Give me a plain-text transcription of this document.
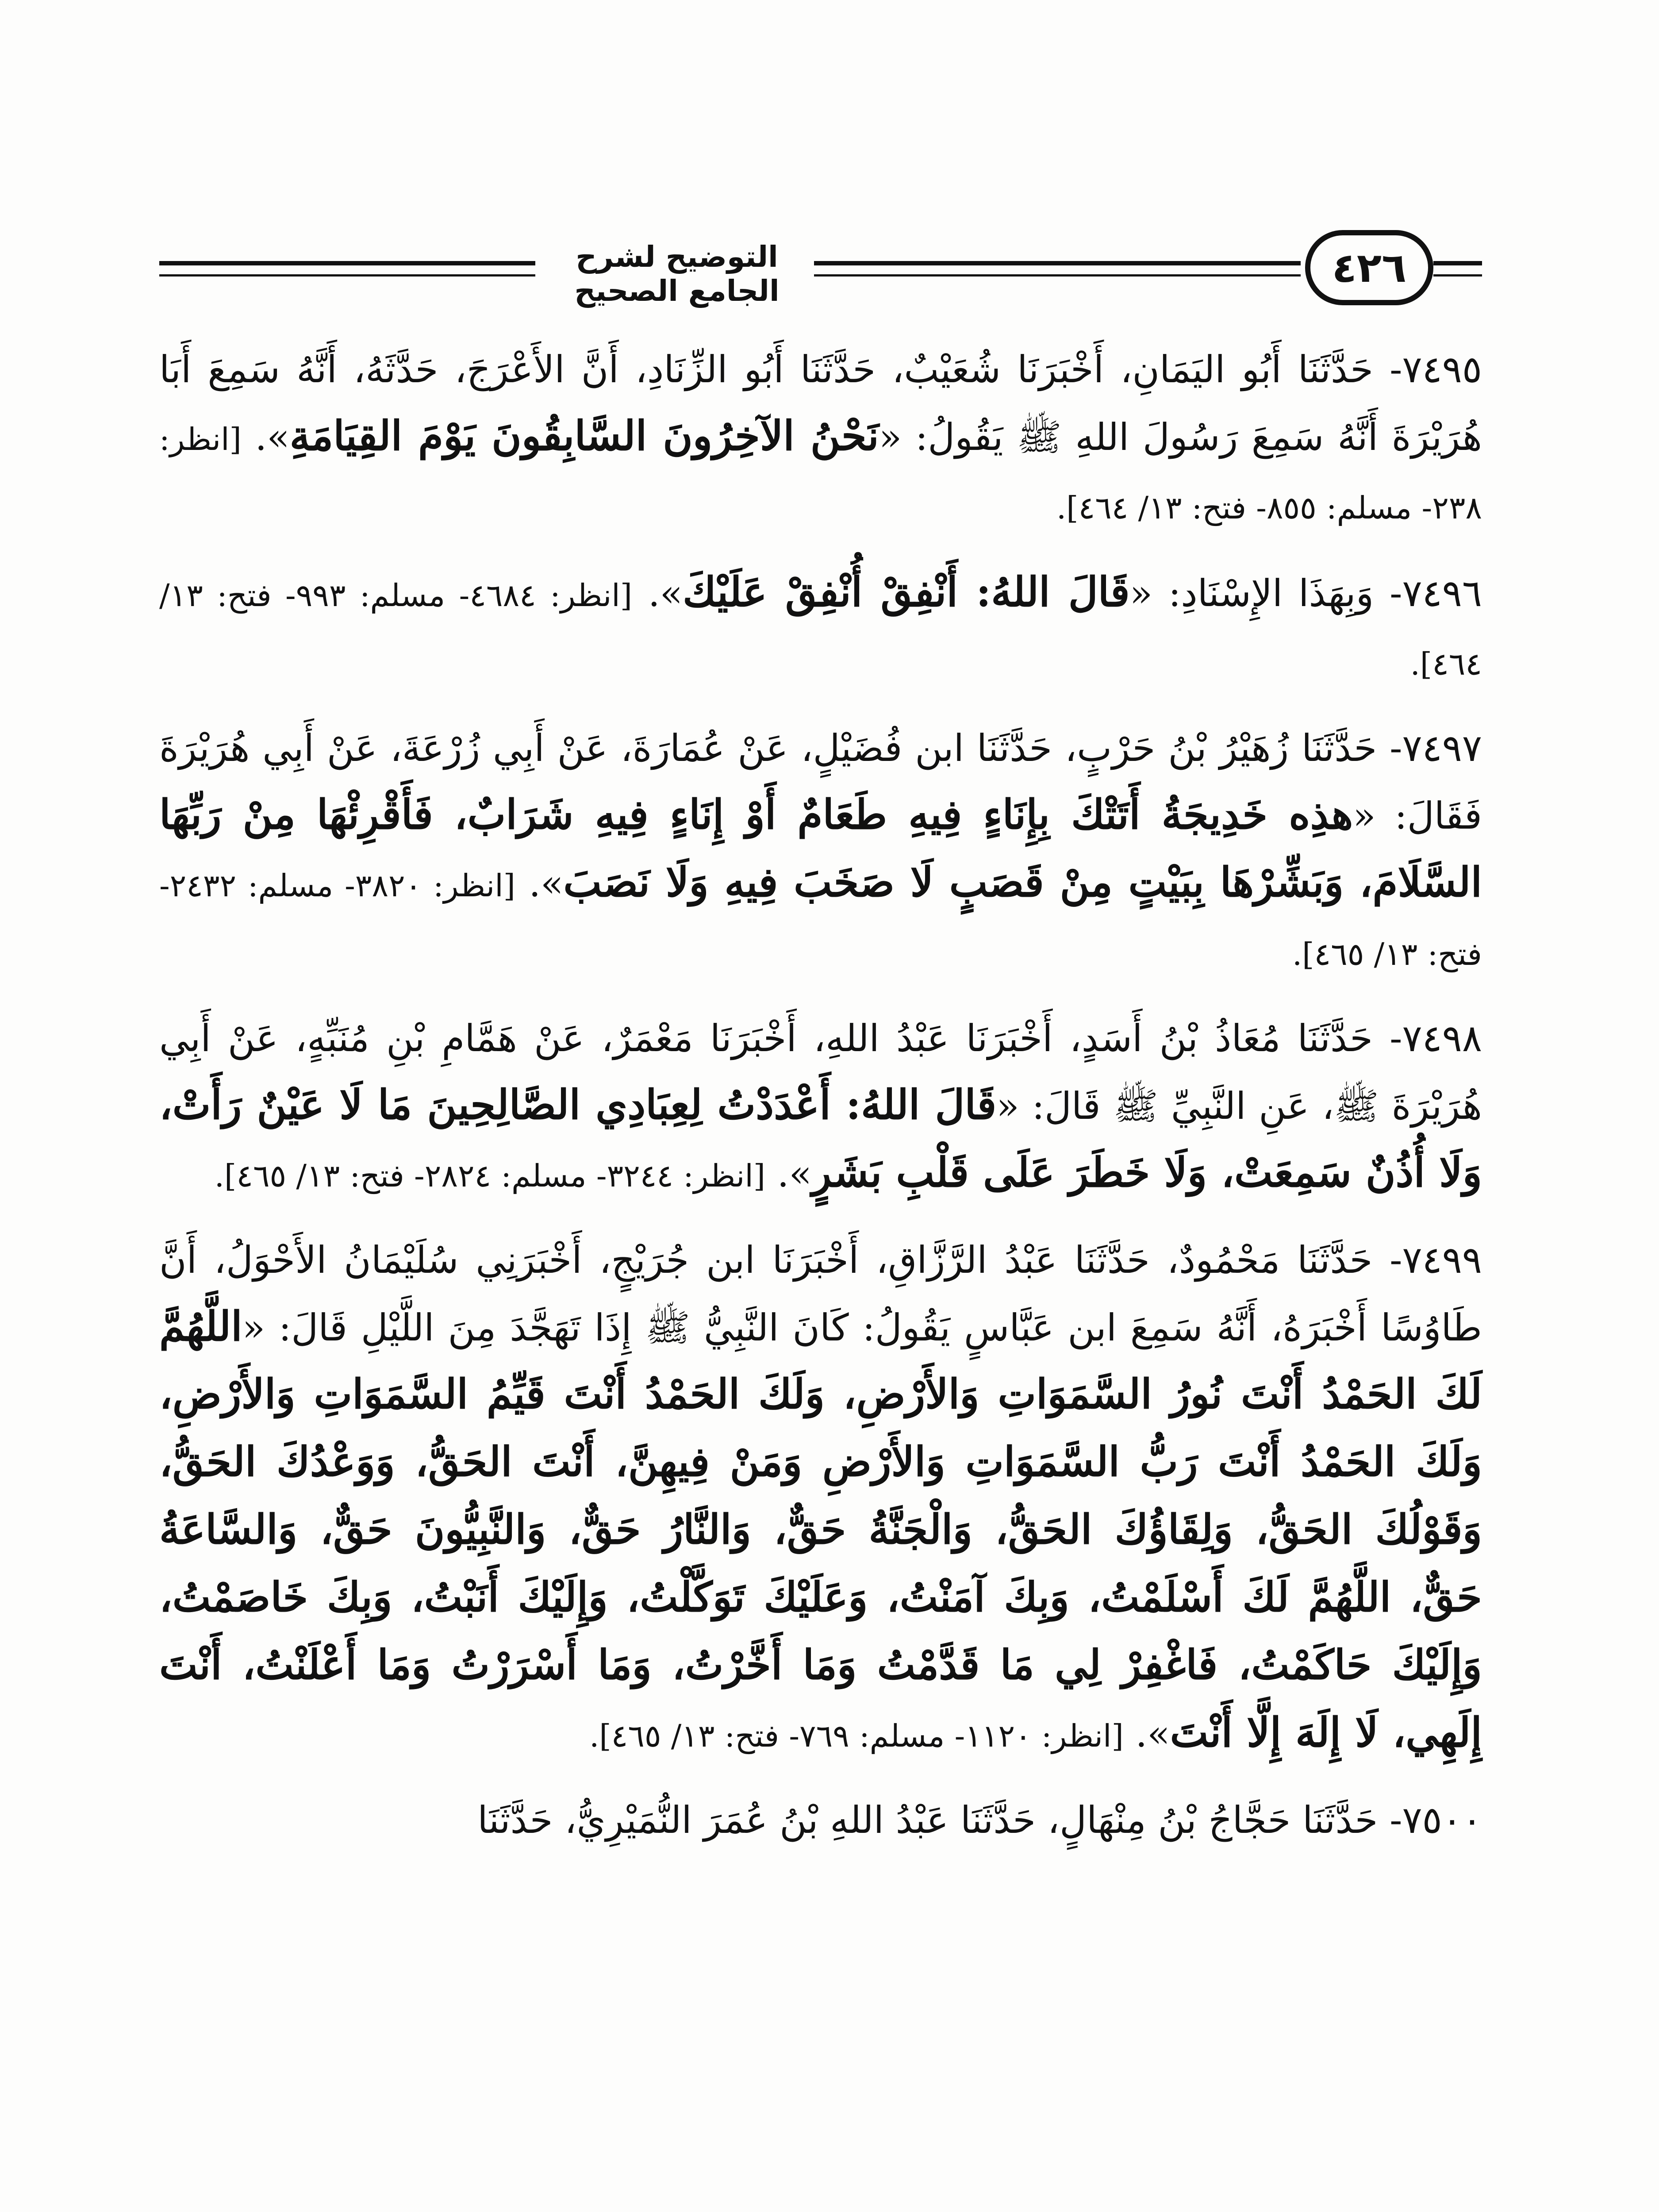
التوضيح لشرح الجامع الصحيح	٤٢٦

٧٤٩٥- حَدَّثَنَا أَبُو اليَمَانِ، أَخْبَرَنَا شُعَيْبٌ، حَدَّثَنَا أَبُو الزِّنَادِ، أَنَّ الأَعْرَجَ، حَدَّثَهُ، أَنَّهُ سَمِعَ أَبَا هُرَيْرَةَ أَنَّهُ سَمِعَ رَسُولَ اللهِ ﷺ يَقُولُ: «نَحْنُ الآخِرُونَ السَّابِقُونَ يَوْمَ القِيَامَةِ». [انظر: ٢٣٨- مسلم: ٨٥٥- فتح: ١٣/ ٤٦٤].

٧٤٩٦- وَبِهَذَا الإِسْنَادِ: «قَالَ اللهُ: أَنْفِقْ أُنْفِقْ عَلَيْكَ». [انظر: ٤٦٨٤- مسلم: ٩٩٣- فتح: ١٣/ ٤٦٤].

٧٤٩٧- حَدَّثَنَا زُهَيْرُ بْنُ حَرْبٍ، حَدَّثَنَا ابن فُضَيْلٍ، عَنْ عُمَارَةَ، عَنْ أَبِي زُرْعَةَ، عَنْ أَبِي هُرَيْرَةَ فَقَالَ: «هذِه خَدِيجَةُ أَتَتْكَ بِإِنَاءٍ فِيهِ طَعَامٌ أَوْ إِنَاءٍ فِيهِ شَرَابٌ، فَأَقْرِئْهَا مِنْ رَبِّهَا السَّلَامَ، وَبَشِّرْهَا بِبَيْتٍ مِنْ قَصَبٍ لَا صَخَبَ فِيهِ وَلَا نَصَبَ». [انظر: ٣٨٢٠- مسلم: ٢٤٣٢- فتح: ١٣/ ٤٦٥].

٧٤٩٨- حَدَّثَنَا مُعَاذُ بْنُ أَسَدٍ، أَخْبَرَنَا عَبْدُ اللهِ، أَخْبَرَنَا مَعْمَرٌ، عَنْ هَمَّامِ بْنِ مُنَبِّهٍ، عَنْ أَبِي هُرَيْرَةَ ﷺ، عَنِ النَّبِيِّ ﷺ قَالَ: «قَالَ اللهُ: أَعْدَدْتُ لِعِبَادِي الصَّالِحِينَ مَا لَا عَيْنٌ رَأَتْ، وَلَا أُذُنٌ سَمِعَتْ، وَلَا خَطَرَ عَلَى قَلْبِ بَشَرٍ». [انظر: ٣٢٤٤- مسلم: ٢٨٢٤- فتح: ١٣/ ٤٦٥].

٧٤٩٩- حَدَّثَنَا مَحْمُودٌ، حَدَّثَنَا عَبْدُ الرَّزَّاقِ، أَخْبَرَنَا ابن جُرَيْجٍ، أَخْبَرَنِي سُلَيْمَانُ الأَحْوَلُ، أَنَّ طَاوُسًا أَخْبَرَهُ، أَنَّهُ سَمِعَ ابن عَبَّاسٍ يَقُولُ: كَانَ النَّبِيُّ ﷺ إِذَا تَهَجَّدَ مِنَ اللَّيْلِ قَالَ: «اللَّهُمَّ لَكَ الحَمْدُ أَنْتَ نُورُ السَّمَوَاتِ وَالأَرْضِ، وَلَكَ الحَمْدُ أَنْتَ قَيِّمُ السَّمَوَاتِ وَالأَرْضِ، وَلَكَ الحَمْدُ أَنْتَ رَبُّ السَّمَوَاتِ وَالأَرْضِ وَمَنْ فِيهِنَّ، أَنْتَ الحَقُّ، وَوَعْدُكَ الحَقُّ، وَقَوْلُكَ الحَقُّ، وَلِقَاؤُكَ الحَقُّ، وَالْجَنَّةُ حَقٌّ، وَالنَّارُ حَقٌّ، وَالنَّبِيُّونَ حَقٌّ، وَالسَّاعَةُ حَقٌّ، اللَّهُمَّ لَكَ أَسْلَمْتُ، وَبِكَ آمَنْتُ، وَعَلَيْكَ تَوَكَّلْتُ، وَإِلَيْكَ أَنَبْتُ، وَبِكَ خَاصَمْتُ، وَإِلَيْكَ حَاكَمْتُ، فَاغْفِرْ لِي مَا قَدَّمْتُ وَمَا أَخَّرْتُ، وَمَا أَسْرَرْتُ وَمَا أَعْلَنْتُ، أَنْتَ إِلَهِي، لَا إِلَهَ إِلَّا أَنْتَ». [انظر: ١١٢٠- مسلم: ٧٦٩- فتح: ١٣/ ٤٦٥].

٧٥٠٠- حَدَّثَنَا حَجَّاجُ بْنُ مِنْهَالٍ، حَدَّثَنَا عَبْدُ اللهِ بْنُ عُمَرَ النُّمَيْرِيُّ، حَدَّثَنَا
